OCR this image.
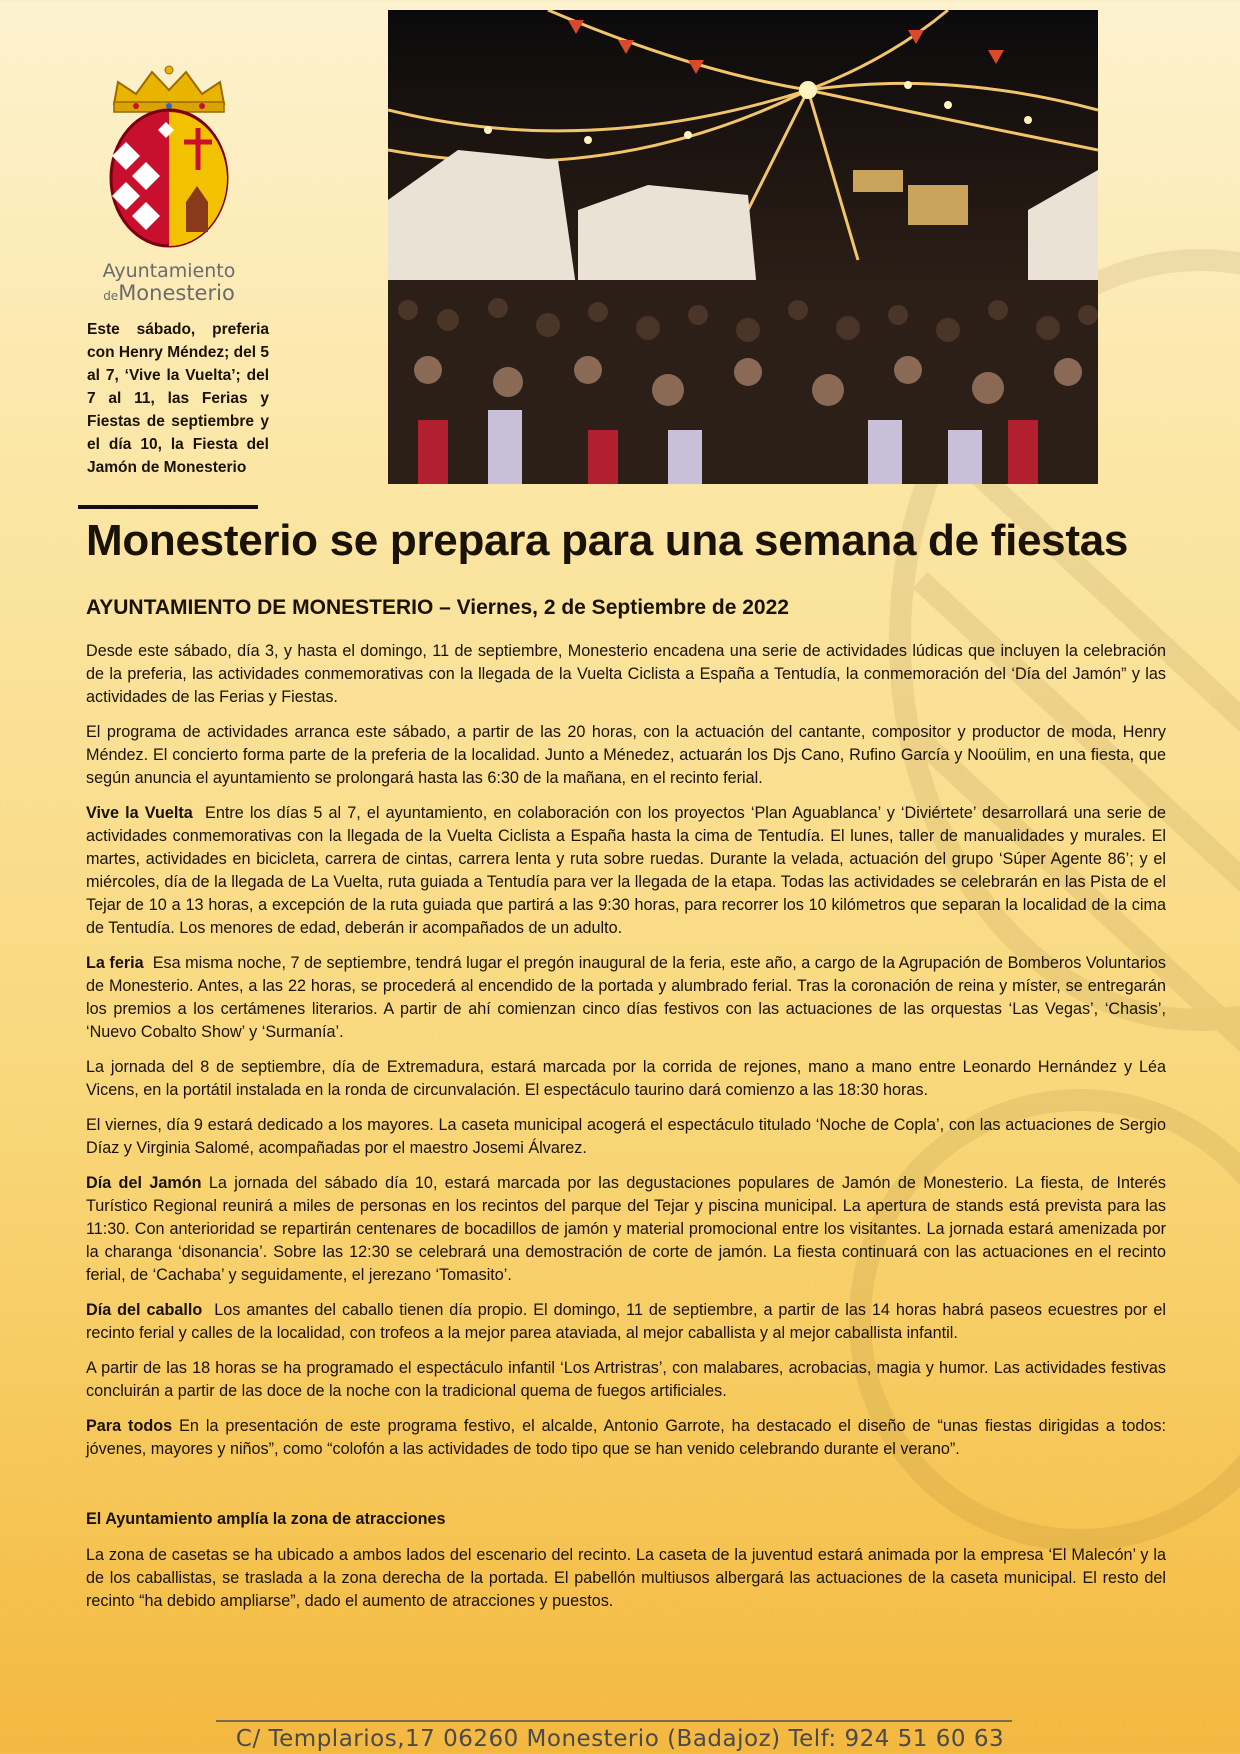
Ayuntamiento
deMonesterio
Este sábado, preferia con Henry Méndez; del 5 al 7, ‘Vive la Vuelta’; del 7 al 11, las Ferias y Fiestas de septiembre y el día 10, la Fiesta del Jamón de Monesterio
Monesterio se prepara para una semana de fiestas
AYUNTAMIENTO DE MONESTERIO – Viernes, 2 de Septiembre de 2022

Desde este sábado, día 3, y hasta el domingo, 11 de septiembre, Monesterio encadena una serie de actividades lúdicas que incluyen la celebración de la preferia, las actividades conmemorativas con la llegada de la Vuelta Ciclista a España a Tentudía, la conmemoración del ‘Día del Jamón” y las actividades de las Ferias y Fiestas.

El programa de actividades arranca este sábado, a partir de las 20 horas, con la actuación del cantante, compositor y productor de moda, Henry Méndez. El concierto forma parte de la preferia de la localidad. Junto a Ménedez, actuarán los Djs Cano, Rufino García y Nooülim, en una fiesta, que según anuncia el ayuntamiento se prolongará hasta las 6:30 de la mañana, en el recinto ferial.

Vive la Vuelta Entre los días 5 al 7, el ayuntamiento, en colaboración con los proyectos ‘Plan Aguablanca’ y ‘Diviértete’ desarrollará una serie de actividades conmemorativas con la llegada de la Vuelta Ciclista a España hasta la cima de Tentudía. El lunes, taller de manualidades y murales. El martes, actividades en bicicleta, carrera de cintas, carrera lenta y ruta sobre ruedas. Durante la velada, actuación del grupo ‘Súper Agente 86’; y el miércoles, día de la llegada de La Vuelta, ruta guiada a Tentudía para ver la llegada de la etapa. Todas las actividades se celebrarán en las Pista de el Tejar de 10 a 13 horas, a excepción de la ruta guiada que partirá a las 9:30 horas, para recorrer los 10 kilómetros que separan la localidad de la cima de Tentudía. Los menores de edad, deberán ir acompañados de un adulto.

La feria Esa misma noche, 7 de septiembre, tendrá lugar el pregón inaugural de la feria, este año, a cargo de la Agrupación de Bomberos Voluntarios de Monesterio. Antes, a las 22 horas, se procederá al encendido de la portada y alumbrado ferial. Tras la coronación de reina y míster, se entregarán los premios a los certámenes literarios. A partir de ahí comienzan cinco días festivos con las actuaciones de las orquestas ‘Las Vegas’, ‘Chasis’, ‘Nuevo Cobalto Show’ y ‘Surmanía’.

La jornada del 8 de septiembre, día de Extremadura, estará marcada por la corrida de rejones, mano a mano entre Leonardo Hernández y Léa Vicens, en la portátil instalada en la ronda de circunvalación. El espectáculo taurino dará comienzo a las 18:30 horas.

El viernes, día 9 estará dedicado a los mayores. La caseta municipal acogerá el espectáculo titulado ‘Noche de Copla’, con las actuaciones de Sergio Díaz y Virginia Salomé, acompañadas por el maestro Josemi Álvarez.

Día del Jamón La jornada del sábado día 10, estará marcada por las degustaciones populares de Jamón de Monesterio. La fiesta, de Interés Turístico Regional reunirá a miles de personas en los recintos del parque del Tejar y piscina municipal. La apertura de stands está prevista para las 11:30. Con anterioridad se repartirán centenares de bocadillos de jamón y material promocional entre los visitantes. La jornada estará amenizada por la charanga ‘disonancia’. Sobre las 12:30 se celebrará una demostración de corte de jamón. La fiesta continuará con las actuaciones en el recinto ferial, de ‘Cachaba’ y seguidamente, el jerezano ‘Tomasito’.

Día del caballo Los amantes del caballo tienen día propio. El domingo, 11 de septiembre, a partir de las 14 horas habrá paseos ecuestres por el recinto ferial y calles de la localidad, con trofeos a la mejor parea ataviada, al mejor caballista y al mejor caballista infantil.

A partir de las 18 horas se ha programado el espectáculo infantil ‘Los Artristras’, con malabares, acrobacias, magia y humor. Las actividades festivas concluirán a partir de las doce de la noche con la tradicional quema de fuegos artificiales.

Para todos En la presentación de este programa festivo, el alcalde, Antonio Garrote, ha destacado el diseño de “unas fiestas dirigidas a todos: jóvenes, mayores y niños”, como “colofón a las actividades de todo tipo que se han venido celebrando durante el verano”.

El Ayuntamiento amplía la zona de atracciones

La zona de casetas se ha ubicado a ambos lados del escenario del recinto. La caseta de la juventud estará animada por la empresa ‘El Malecón’ y la de los caballistas, se traslada a la zona derecha de la portada. El pabellón multiusos albergará las actuaciones de la caseta municipal. El resto del recinto “ha debido ampliarse”, dado el aumento de atracciones y puestos.

C/ Templarios,17 06260 Monesterio (Badajoz) Telf: 924 51 60 63
